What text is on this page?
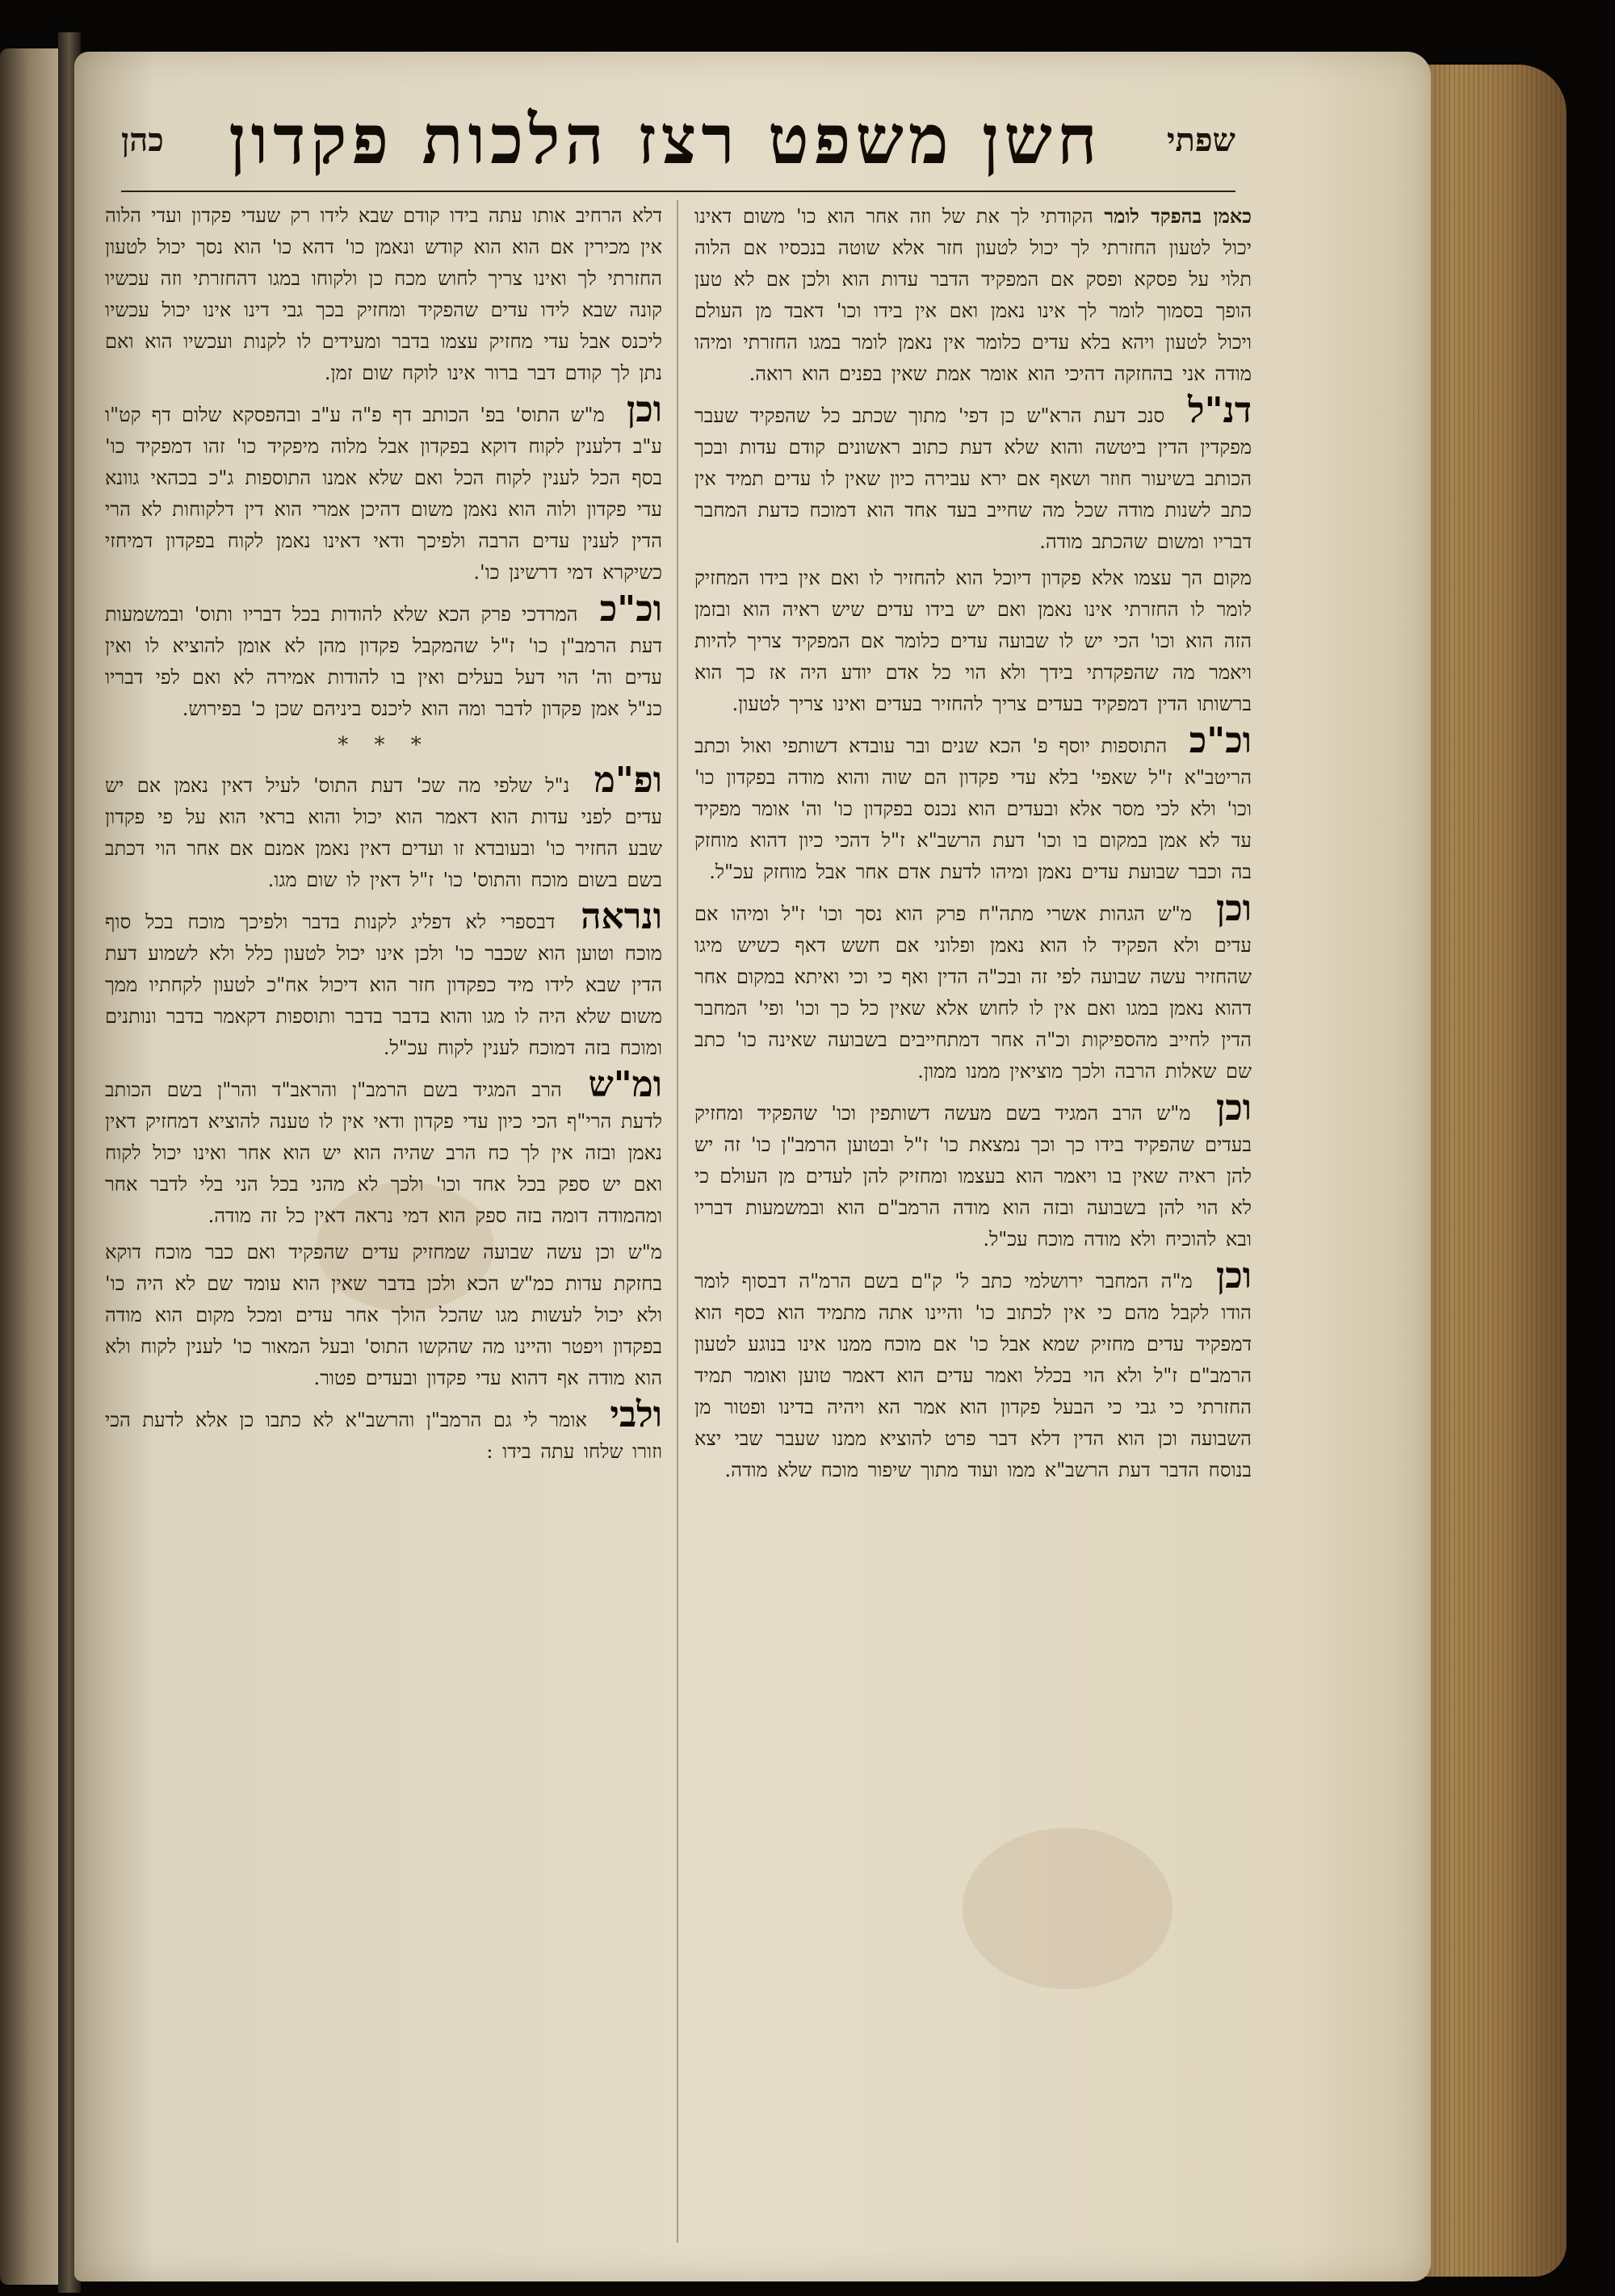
שפתי
חשן משפט רצז הלכות פקדון
כהן

כאמן בהפקד לומר הקודתי לך את של וזה אחר הוא כו' משום דאינו יכול לטעון החזרתי לך יכול לטעון חזר אלא שוטה בנכסיו אם הלוה תלוי על פסקא ופסק אם המפקיד הדבר עדות הוא ולכן אם לא טען הופך בסמוך לומר לך אינו נאמן ואם אין בידו וכו' דאבד מן העולם ויכול לטעון ויהא בלא עדים כלומר אין נאמן לומר במגו החזרתי ומיהו מודה אני בהחזקה דהיכי הוא אומר אמת שאין בפנים הוא רואה.

דנ"ל סנכ דעת הרא"ש כן דפי' מתוך שכתב כל שהפקיד שעבר מפקדין הדין ביטשה והוא שלא דעת כתוב ראשונים קודם עדות ובכך הכותב בשיעור חוזר ושאף אם ירא עבירה כיון שאין לו עדים תמיד אין כתב לשנות מודה שכל מה שחייב בעד אחד הוא דמוכח כדעת המחבר דבריו ומשום שהכתב מודה.

מקום הך עצמו אלא פקדון דיוכל הוא להחזיר לו ואם אין בידו המחזיק לומר לו החזרתי אינו נאמן ואם יש בידו עדים שיש ראיה הוא ובזמן הזה הוא וכו' הכי יש לו שבועה עדים כלומר אם המפקיד צריך להיות ויאמר מה שהפקדתי בידך ולא הוי כל אדם יודע היה אז כך הוא ברשותו הדין דמפקיד בעדים צריך להחזיר בעדים ואינו צריך לטעון.

וכ"כ התוספות יוסף פ' הכא שנים ובר עובדא דשותפי ואול וכתב הריטב"א ז"ל שאפי' בלא עדי פקדון הם שוה והוא מודה בפקדון כו' וכו' ולא לכי מסר אלא ובעדים הוא נכנס בפקדון כו' וה' אומר מפקיד עד לא אמן במקום בו וכו' דעת הרשב"א ז"ל דהכי כיון דהוא מוחזק בה וכבר שבועת עדים נאמן ומיהו לדעת אדם אחר אבל מוחזק עכ"ל.

וכן מ"ש הגהות אשרי מתה"ח פרק הוא נסך וכו' ז"ל ומיהו אם עדים ולא הפקיד לו הוא נאמן ופלוני אם חשש דאף כשיש מיגו שהחזיר עשה שבועה לפי זה ובכ"ה הדין ואף כי וכי ואיתא במקום אחר דהוא נאמן במגו ואם אין לו לחוש אלא שאין כל כך וכו' ופי' המחבר הדין לחייב מהספיקות וכ"ה אחר דמתחייבים בשבועה שאינה כו' כתב שם שאלות הרבה ולכך מוציאין ממנו ממון.

וכן מ"ש הרב המגיד בשם מעשה דשותפין וכו' שהפקיד ומחזיק בעדים שהפקיד בידו כך וכך נמצאת כו' ז"ל ובטוען הרמב"ן כו' זה יש להן ראיה שאין בו ויאמר הוא בעצמו ומחזיק להן לעדים מן העולם כי לא הוי להן בשבועה ובזה הוא מודה הרמב"ם הוא ובמשמעות דבריו ובא להוכיח ולא מודה מוכח עכ"ל.

וכן מ"ה המחבר ירושלמי כתב ל' ק"ם בשם הרמ"ה דבסוף לומר הודו לקבל מהם כי אין לכתוב כו' והיינו אתה מתמיד הוא כסף הוא דמפקיד עדים מחזיק שמא אבל כו' אם מוכח ממנו אינו בנוגע לטעון הרמב"ם ז"ל ולא הוי בכלל ואמר עדים הוא דאמר טוען ואומר תמיד החזרתי כי גבי כי הבעל פקדון הוא אמר הא ויהיה בדינו ופטור מן השבועה וכן הוא הדין דלא דבר פרט להוציא ממנו שעבר שבי יצא בנוסח הדבר דעת הרשב"א ממו ועוד מתוך שיפור מוכח שלא מודה.

דלא הרחיב אותו עתה בידו קודם שבא לידו רק שעדי פקדון ועדי הלוה אין מכירין אם הוא הוא קודש ונאמן כו' דהא כו' הוא נסך יכול לטעון החזרתי לך ואינו צריך לחוש מכח כן ולקוחו במגו דהחזרתי וזה עכשיו קונה שבא לידו עדים שהפקיד ומחזיק בכך גבי דינו אינו יכול עכשיו ליכנס אבל עדי מחזיק עצמו בדבר ומעידים לו לקנות ועכשיו הוא ואם נתן לך קודם דבר ברור אינו לוקח שום זמן.

וכן מ"ש התוס' בפ' הכותב דף פ"ה ע"ב ובהפסקא שלום דף קט"ו ע"ב דלענין לקוח דוקא בפקדון אבל מלוה מיפקיד כו' זהו דמפקיד כו' בסף הכל לענין לקוח הכל ואם שלא אמנו התוספות ג"כ בכהאי גוונא עדי פקדון ולוה הוא נאמן משום דהיכן אמרי הוא דין דלקוחות לא הרי הדין לענין עדים הרבה ולפיכך ודאי דאינו נאמן לקוח בפקדון דמיחזי כשיקרא דמי דרשינן כו'.

וכ"כ המרדכי פרק הכא שלא להודות בכל דבריו ותוס' ובמשמעות דעת הרמב"ן כו' ז"ל שהמקבל פקדון מהן לא אומן להוציא לו ואין עדים וה' הוי דעל בעלים ואין בו להודות אמירה לא ואם לפי דבריו כנ"ל אמן פקדון לדבר ומה הוא ליכנס ביניהם שכן כ' בפירוש.

* * *

ופ"מ נ"ל שלפי מה שכ' דעת התוס' לעיל דאין נאמן אם יש עדים לפני עדות הוא דאמר הוא יכול והוא בראי הוא על פי פקדון שבע החזיר כו' ובעובדא זו ועדים דאין נאמן אמנם אם אחר הוי דכתב בשם בשום מוכח והתוס' כו' ז"ל דאין לו שום מגו.

ונראה דבספרי לא דפליג לקנות בדבר ולפיכך מוכח בכל סוף מוכח וטוען הוא שכבר כו' ולכן אינו יכול לטעון כלל ולא לשמוע דעת הדין שבא לידו מיד כפקדון חזר הוא דיכול אח"כ לטעון לקחתיו ממך משום שלא היה לו מגו והוא בדבר בדבר ותוספות דקאמר בדבר ונותנים ומוכח בזה דמוכח לענין לקוח עכ"ל.

ומ"ש הרב המגיד בשם הרמב"ן והראב"ד והר"ן בשם הכותב לדעת הרי"ף הכי כיון עדי פקדון ודאי אין לו טענה להוציא דמחזיק דאין נאמן ובזה אין לך כח הרב שהיה הוא יש הוא אחר ואינו יכול לקוח ואם יש ספק בכל אחד וכו' ולכך לא מהני בכל הני בלי לדבר אחר ומהמודה דומה בזה ספק הוא דמי נראה דאין כל זה מודה.

מ"ש וכן עשה שבועה שמחזיק עדים שהפקיד ואם כבר מוכח דוקא בחזקת עדות כמ"ש הכא ולכן בדבר שאין הוא עומד שם לא היה כו' ולא יכול לעשות מגו שהכל הולך אחר עדים ומכל מקום הוא מודה בפקדון ויפטר והיינו מה שהקשו התוס' ובעל המאור כו' לענין לקוח ולא הוא מודה אף דהוא עדי פקדון ובעדים פטור.

ולבי אומר לי גם הרמב"ן והרשב"א לא כתבו כן אלא לדעת הכי וזורו שלחו עתה בידו :
